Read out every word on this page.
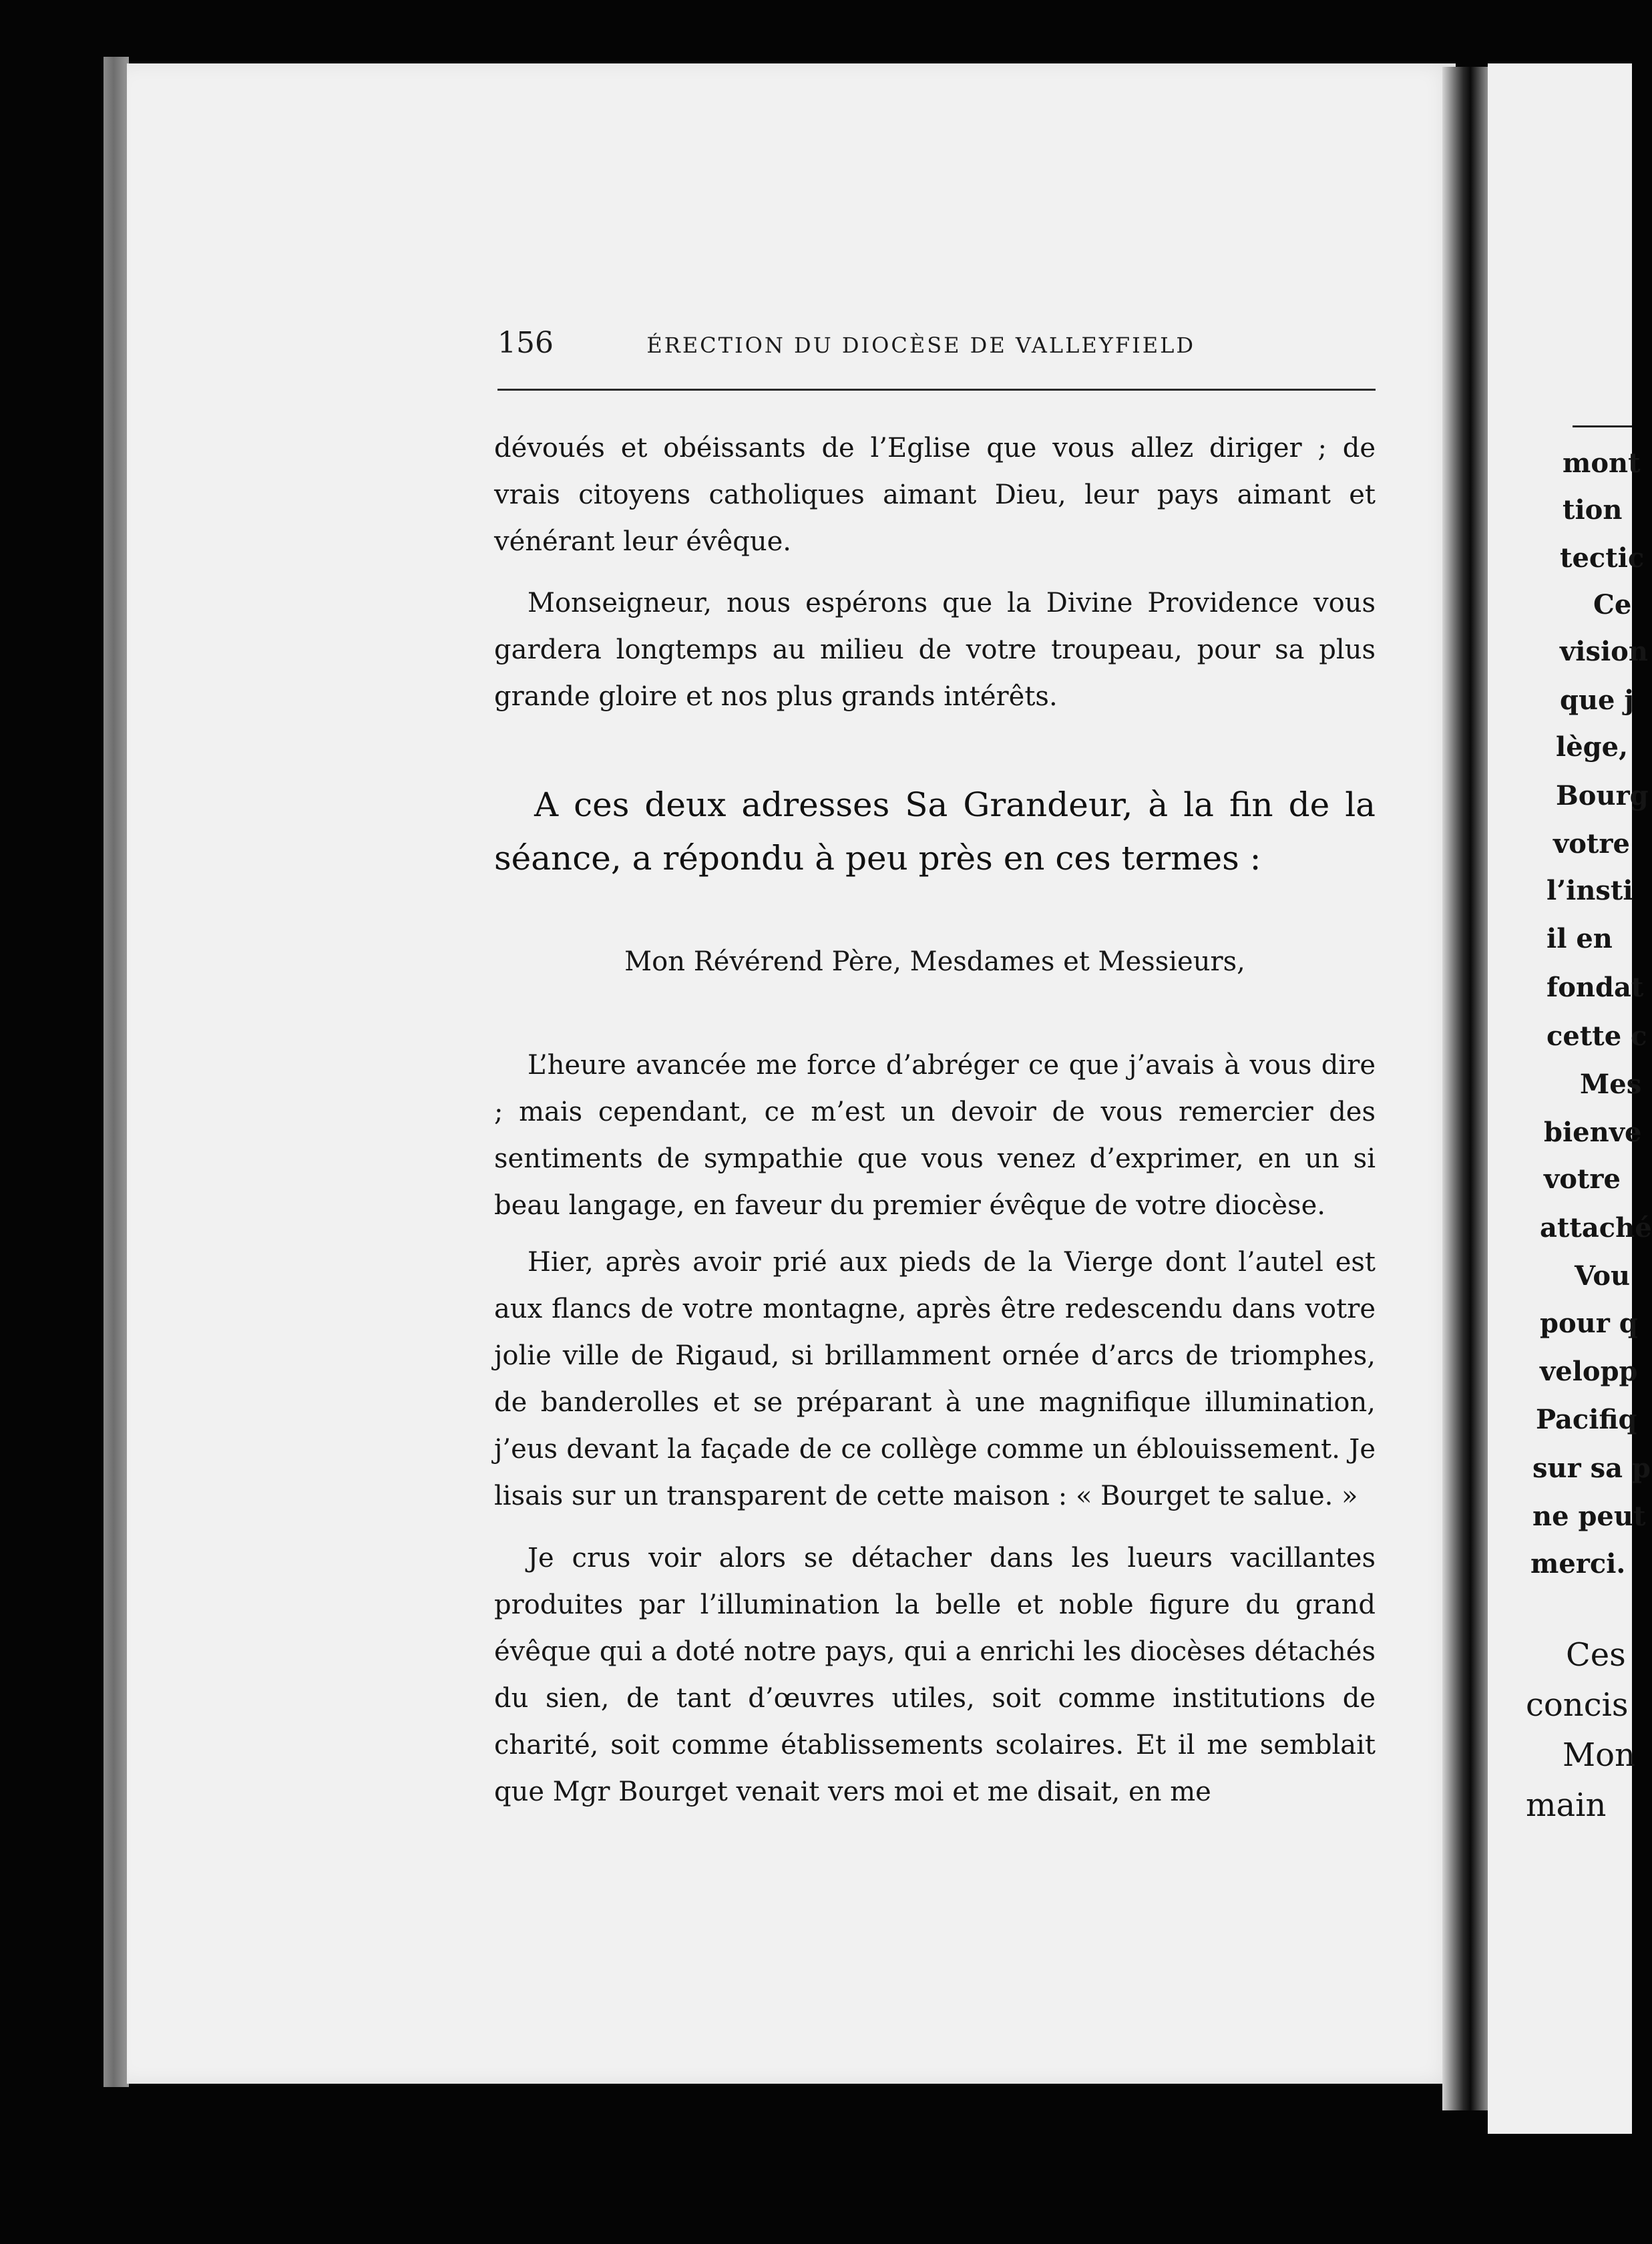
156	ÉRECTION DU DIOCÈSE DE VALLEYFIELD

dévoués et obéissants de l’Eglise que vous allez diriger ; de vrais citoyens catholiques aimant Dieu, leur pays aimant et vénérant leur évêque.

Monseigneur, nous espérons que la Divine Providence vous gardera longtemps au milieu de votre troupeau, pour sa plus grande gloire et nos plus grands intérêts.

A ces deux adresses Sa Grandeur, à la fin de la séance, a répondu à peu près en ces termes :
Mon Révérend Père, Mesdames et Messieurs,

L’heure avancée me force d’abréger ce que j’avais à vous dire ; mais cependant, ce m’est un devoir de vous remercier des sentiments de sympathie que vous venez d’exprimer, en un si beau langage, en faveur du premier évêque de votre diocèse.

Hier, après avoir prié aux pieds de la Vierge dont l’autel est aux flancs de votre montagne, après être redescendu dans votre jolie ville de Rigaud, si brillamment ornée d’arcs de triomphes, de banderolles et se préparant à une magnifique illumination, j’eus devant la façade de ce collège comme un éblouissement. Je lisais sur un transparent de cette maison : « Bourget te salue. »

Je crus voir alors se détacher dans les lueurs vacillantes produites par l’illumination la belle et noble figure du grand évêque qui a doté notre pays, qui a enrichi les diocèses détachés du sien, de tant d’œuvres utiles, soit comme institutions de charité, soit comme établissements scolaires. Et il me semblait que Mgr Bourget venait vers moi et me disait, en me

mont
tion
tectic
Ce
vision
que j
lège,
Bourg
votre
l’insti
il en
fondat
cette c
Mes
bienve
votre
attaché
Vou
pour q
velopp
Pacifiq
sur sa p
ne peut
merci.
Ces
concis
Mon
main
